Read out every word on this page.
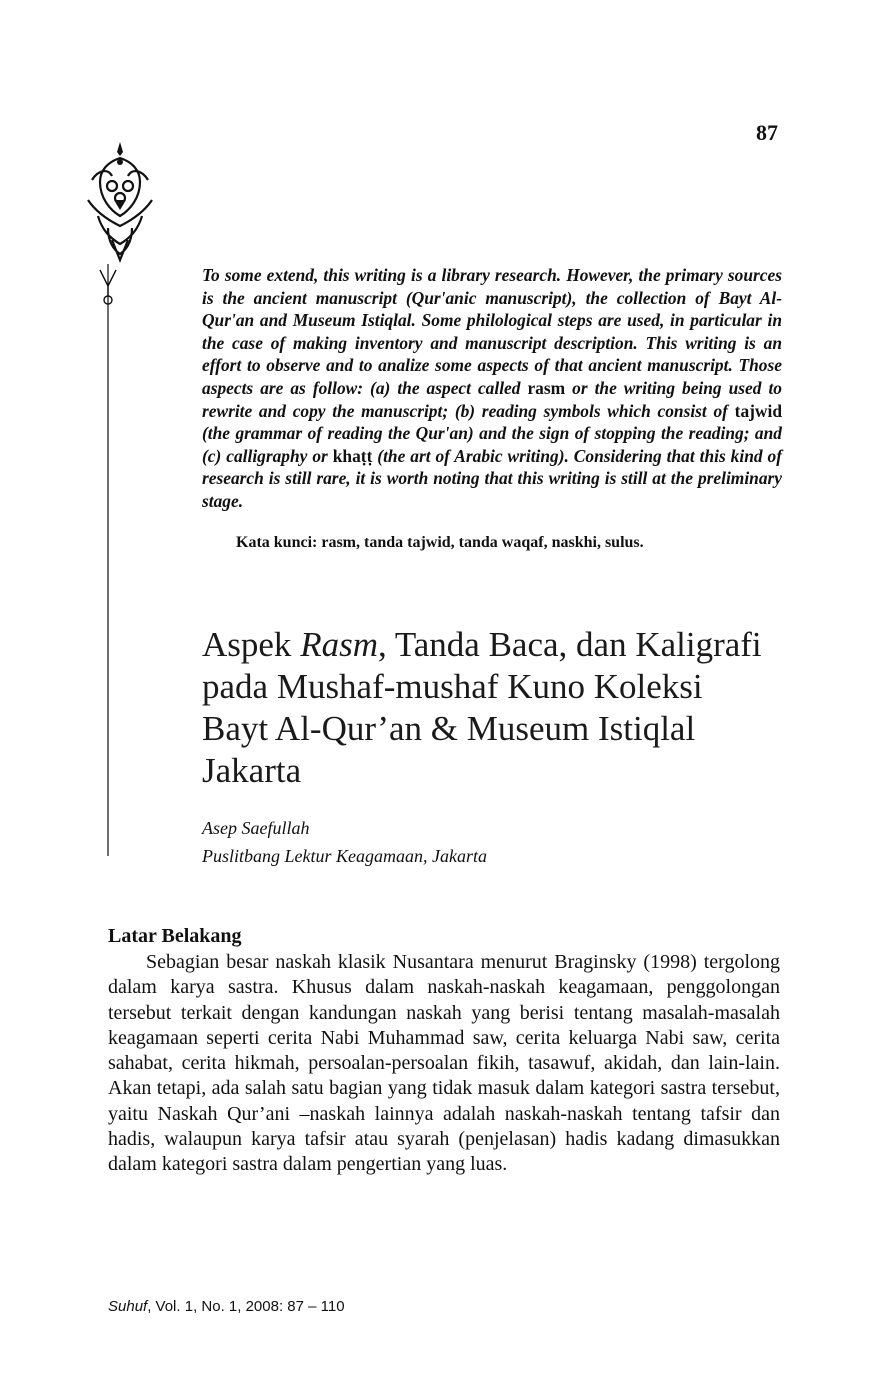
87
To some extend, this writing is a library research. However, the primary sources is the ancient manuscript (Qur'anic manuscript), the collection of Bayt Al-Qur'an and Museum Istiqlal. Some philological steps are used, in particular in the case of making inventory and manuscript description. This writing is an effort to observe and to analize some aspects of that ancient manuscript. Those aspects are as follow: (a) the aspect called rasm or the writing being used to rewrite and copy the manuscript; (b) reading symbols which consist of tajwid (the grammar of reading the Qur'an) and the sign of stopping the reading; and (c) calligraphy or khaṭṭ (the art of Arabic writing). Considering that this kind of research is still rare, it is worth noting that this writing is still at the preliminary stage.
Kata kunci: rasm, tanda tajwid, tanda waqaf, naskhi, sulus.
Aspek Rasm, Tanda Baca, dan Kaligrafi
pada Mushaf-mushaf Kuno Koleksi
Bayt Al-Qur’an & Museum Istiqlal
Jakarta
Asep Saefullah
Puslitbang Lektur Keagamaan, Jakarta
Latar Belakang

Sebagian besar naskah klasik Nusantara menurut Braginsky (1998) tergolong dalam karya sastra. Khusus dalam naskah-naskah keagamaan, penggolongan tersebut terkait dengan kandungan naskah yang berisi tentang masalah-masalah keagamaan seperti cerita Nabi Muhammad saw, cerita keluarga Nabi saw, cerita sahabat, cerita hikmah, persoalan-persoalan fikih, tasawuf, akidah, dan lain-lain. Akan tetapi, ada salah satu bagian yang tidak masuk dalam kategori sastra tersebut, yaitu Naskah Qur’ani –naskah lainnya adalah naskah-naskah tentang tafsir dan hadis, walaupun karya tafsir atau syarah (penjelasan) hadis kadang dimasukkan dalam kategori sastra dalam pengertian yang luas.

Suhuf, Vol. 1, No. 1, 2008: 87 – 110
